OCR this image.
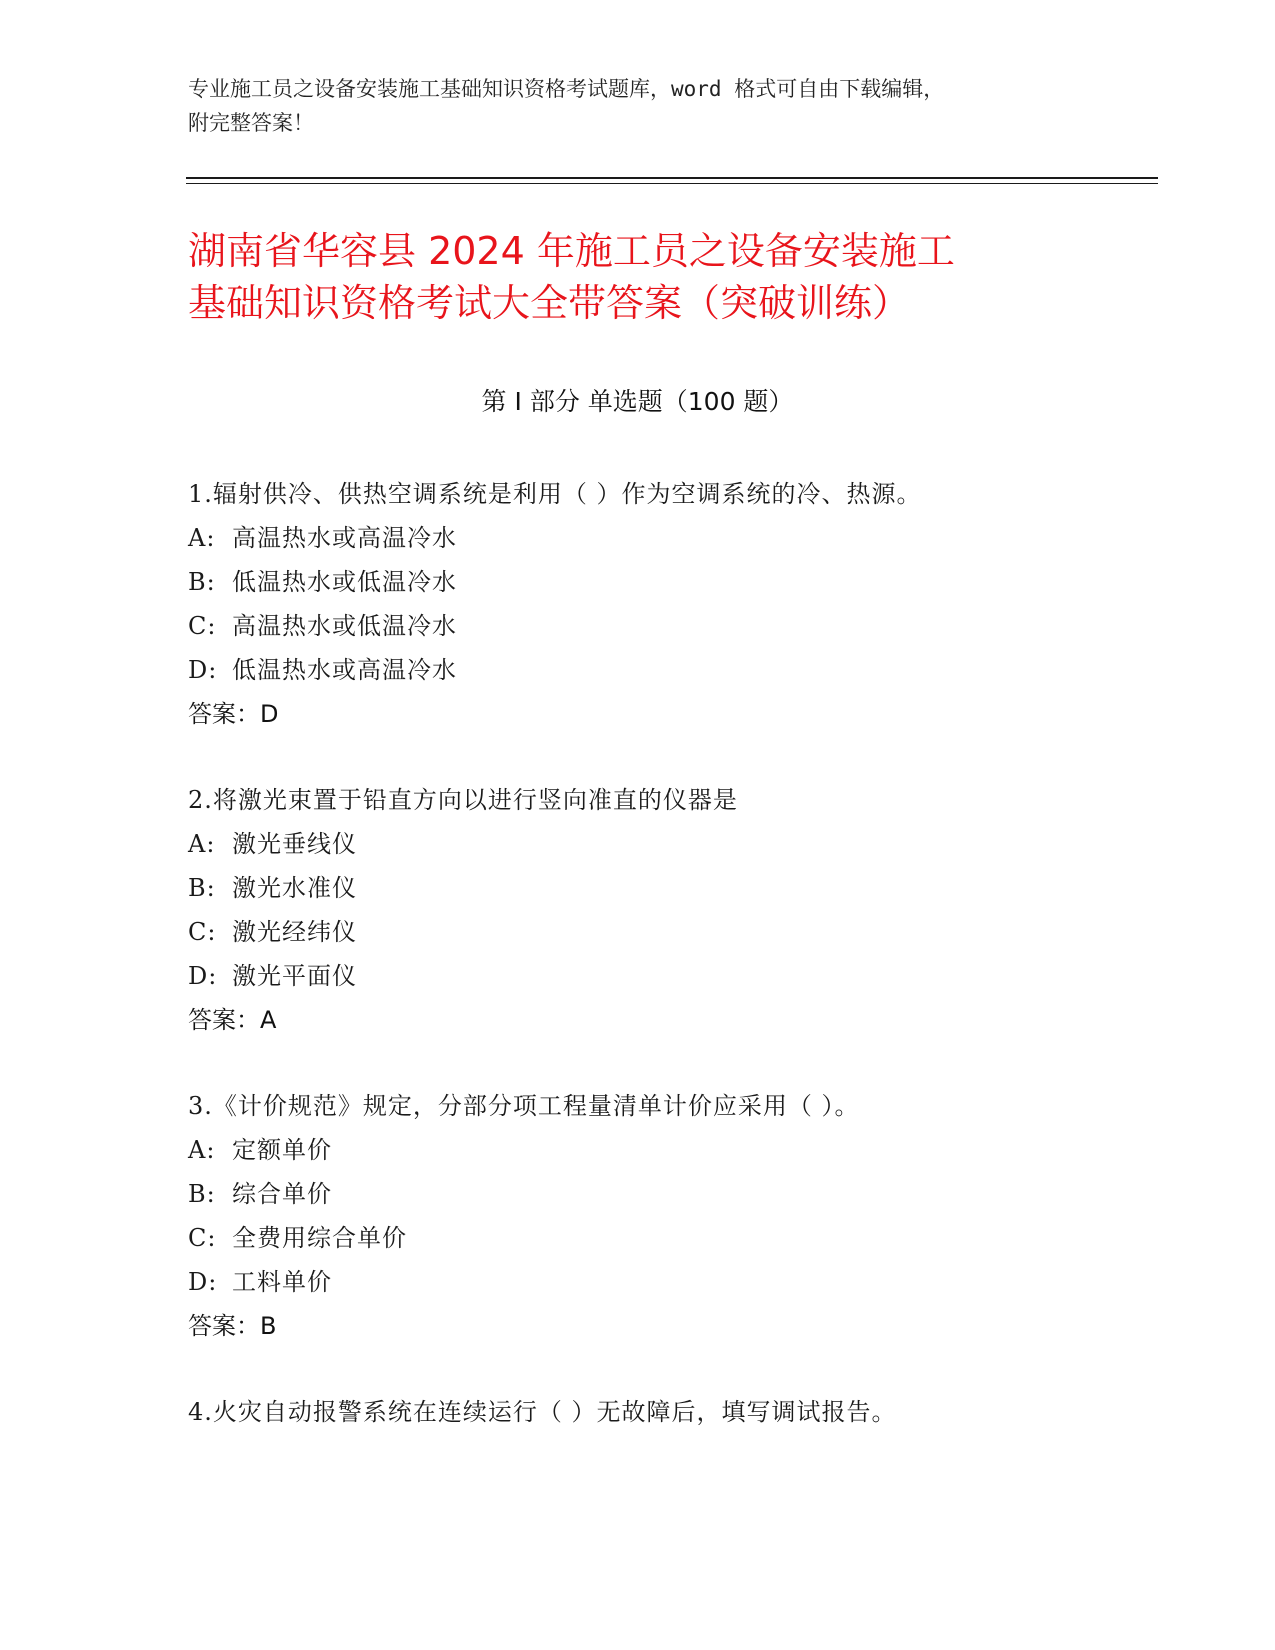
专业施工员之设备安装施工基础知识资格考试题库，word 格式可自由下载编辑，
附完整答案！
湖南省华容县 2024 年施工员之设备安装施工
基础知识资格考试大全带答案（突破训练）
第 I 部分 单选题（100 题）
1.辐射供冷、供热空调系统是利用（ ）作为空调系统的冷、热源。
A: 高温热水或高温冷水
B: 低温热水或低温冷水
C: 高温热水或低温冷水
D: 低温热水或高温冷水
答案：D
2.将激光束置于铅直方向以进行竖向准直的仪器是
A: 激光垂线仪
B: 激光水准仪
C: 激光经纬仪
D: 激光平面仪
答案：A
3.《计价规范》规定，分部分项工程量清单计价应采用（ ）。
A: 定额单价
B: 综合单价
C: 全费用综合单价
D: 工料单价
答案：B
4.火灾自动报警系统在连续运行（ ）无故障后，填写调试报告。
